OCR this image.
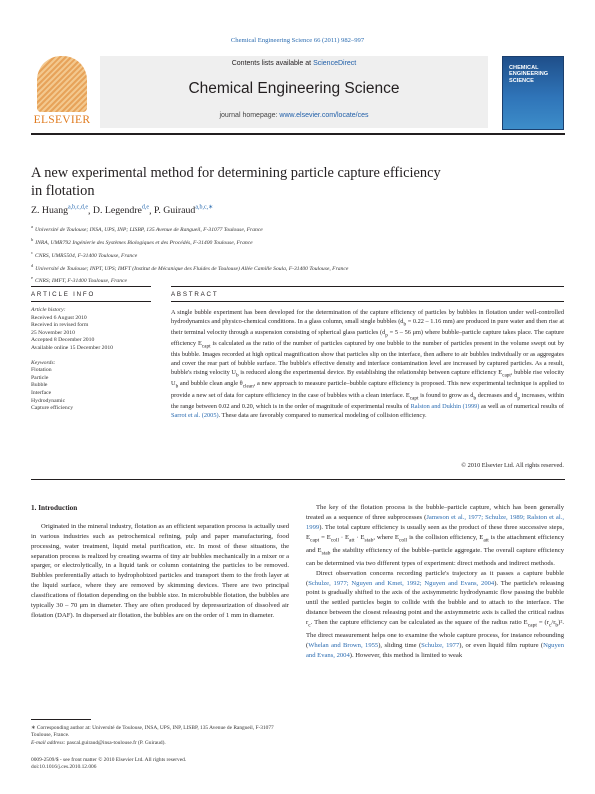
Chemical Engineering Science 66 (2011) 982–997
ELSEVIER
Contents lists available at ScienceDirect
Chemical Engineering Science
journal homepage: www.elsevier.com/locate/ces
CHEMICAL ENGINEERING SCIENCE
A new experimental method for determining particle capture efficiency
in flotation
Z. Huang$^{a,b,c,d,e}$, D. Legendre$^{d,e}$, P. Guiraud$^{a,b,c,∗}$
$^a$Université de Toulouse; INSA, UPS, INP; LISBP, 135 Avenue de Rangueil, F-31077 Toulouse, France
$^b$INRA, UMR792 Ingénierie des Systèmes Biologiques et des Procédés, F-31400 Toulouse, France
$^c$CNRS, UMR5504, F-31400 Toulouse, France
$^d$Université de Toulouse; INPT, UPS; IMFT (Institut de Mécanique des Fluides de Toulouse) Allée Camille Soula, F-31400 Toulouse, France
$^e$CNRS; IMFT, F-31400 Toulouse, France
ARTICLE INFO	ABSTRACT
Article history:
Received 6 August 2010
Received in revised form
25 November 2010
Accepted 8 December 2010
Available online 15 December 2010
Keywords:
Flotation
Particle
Bubble
Interface
Hydrodynamic
Capture efficiency
A single bubble experiment has been developed for the determination of the capture efficiency of particles by bubbles in flotation under well-controlled hydrodynamics and physico-chemical conditions. In a glass column, small single bubbles ($d_b = 0.22 - 1.16$ mm) are produced in pure water and then rise at their terminal velocity through a suspension consisting of spherical glass particles ($d_p = 5 - 56$ μm) where bubble–particle capture takes place. The capture efficiency $E_{capt}$ is calculated as the ratio of the number of particles captured by one bubble to the number of particles present in the volume swept out by this bubble. Images recorded at high optical magnification show that particles slip on the interface, then adhere to air bubbles individually or as aggregates and cover the rear part of bubble surface. The bubble's effective density and interface contamination level are increased by captured particles. As a result, bubble's rising velocity $U_b$ is reduced along the experimental device. By establishing the relationship between capture efficiency $E_{capt}$, bubble rise velocity $U_b$ and bubble clean angle $\theta_{clean}$, a new approach to measure particle–bubble capture efficiency is proposed. This new experimental technique is applied to provide a new set of data for capture efficiency in the case of bubbles with a clean interface. $E_{capt}$ is found to grow as $d_b$ decreases and $d_p$ increases, within the range between 0.02 and 0.20, which is in the order of magnitude of experimental results of Ralston and Dukhin (1999) as well as of numerical results of Sarrot et al. (2005). These data are favorably compared to numerical modeling of collision efficiency.
© 2010 Elsevier Ltd. All rights reserved.
1. Introduction

Originated in the mineral industry, flotation as an efficient separation process is actually used in various industries such as petrochemical refining, pulp and paper manufacturing, food processing, water treatment, liquid metal purification, etc. In most of these situations, the separation process is realized by creating swarms of tiny air bubbles mechanically in a mixer or a sparger, or electrolytically, in a liquid tank or column containing the particles to be removed. Bubbles preferentially attach to hydrophobized particles and transport them to the froth layer at the liquid surface, where they are removed by skimming devices. There are two principal classifications of flotation depending on the bubble size. In microbubble flotation, the bubbles are typically 30 – 70 μm in diameter. They are often produced by depressurization of dissolved air flotation (DAF). In dispersed air flotation, the bubbles are on the order of 1 mm in diameter.

The key of the flotation process is the bubble–particle capture, which has been generally treated as a sequence of three subprocesses (Jameson et al., 1977; Schulze, 1989; Ralston et al., 1999). The total capture efficiency is usually seen as the product of these three successive steps, $E_{capt} = E_{coll} \cdot E_{att} \cdot E_{stab}$, where $E_{coll}$ is the collision efficiency, $E_{att}$ is the attachment efficiency and $E_{stab}$ the stability efficiency of the bubble–particle aggregate. The overall capture efficiency can be determined via two different types of experiment: direct methods and indirect methods.

Direct observation concerns recording particle's trajectory as it passes a capture bubble (Schulze, 1977; Nguyen and Kmet, 1992; Nguyen and Evans, 2004). The particle's releasing point is gradually shifted to the axis of the axisymmetric hydrodynamic flow passing the bubble until the settled particles begin to collide with the bubble and to attach to the interface. The distance between the closest releasing point and the axisymmetric axis is called the critical radius $r_c$. Then the capture efficiency can be calculated as the square of the radius ratio $E_{capt} = (r_c/r_b)^2$. The direct measurement helps one to examine the whole capture process, for instance rebounding (Whelan and Brown, 1955), sliding time (Schulze, 1977), or even liquid film rupture (Nguyen and Evans, 2004). However, this method is limited to weak

∗ Corresponding author at: Université de Toulouse, INSA, UPS, INP, LISBP, 135 Avenue de Rangueil, F-31077 Toulouse, France.
E-mail address: pascal.guiraud@insa-toulouse.fr (P. Guiraud).
0009-2509/$ - see front matter © 2010 Elsevier Ltd. All rights reserved.
doi:10.1016/j.ces.2010.12.006
